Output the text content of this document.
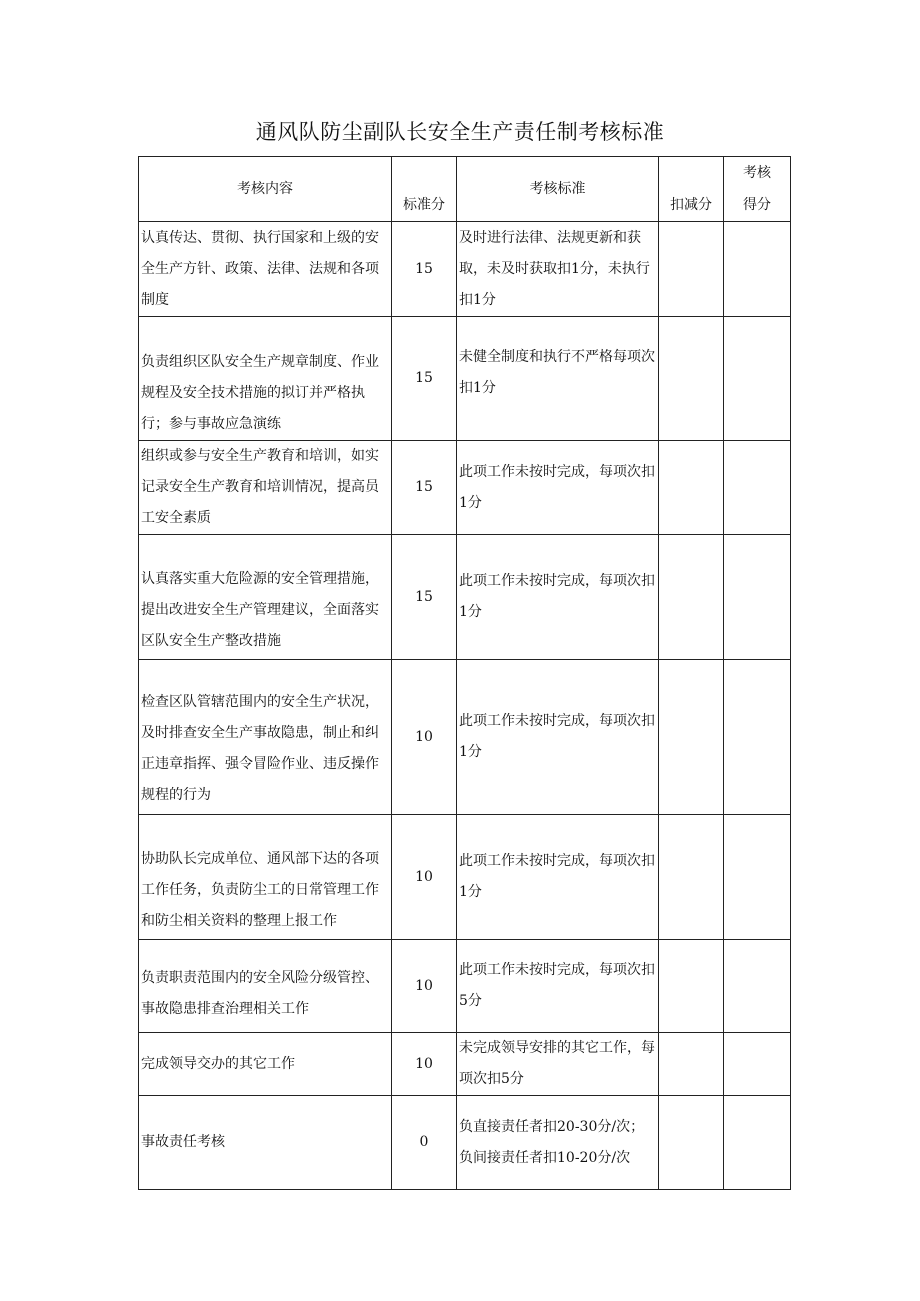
通风队防尘副队长安全生产责任制考核标准
考核内容	标准分	考核标准	扣减分	考核
得分
认真传达、贯彻、执行国家和上级的安全生产方针、政策、法律、法规和各项制度	15	及时进行法律、法规更新和获取，未及时获取扣1分，未执行扣1分		

负责组织区队安全生产规章制度、作业规程及安全技术措施的拟订并严格执行；参与事故应急演练	15	未健全制度和执行不严格每项次扣1分		

组织或参与安全生产教育和培训，如实记录安全生产教育和培训情况，提高员工安全素质	15	此项工作未按时完成，每项次扣1分		

认真落实重大危险源的安全管理措施，提出改进安全生产管理建议，全面落实区队安全生产整改措施	15	此项工作未按时完成，每项次扣1分		

检查区队管辖范围内的安全生产状况，及时排查安全生产事故隐患，制止和纠正违章指挥、强令冒险作业、违反操作规程的行为	10	此项工作未按时完成，每项次扣1分		

协助队长完成单位、通风部下达的各项工作任务，负责防尘工的日常管理工作和防尘相关资料的整理上报工作	10	此项工作未按时完成，每项次扣1分		

负责职责范围内的安全风险分级管控、事故隐患排查治理相关工作	10	此项工作未按时完成，每项次扣5分		
完成领导交办的其它工作	10	未完成领导安排的其它工作，每项次扣5分		
事故责任考核	0	负直接责任者扣20-30分/次；负间接责任者扣10-20分/次		
